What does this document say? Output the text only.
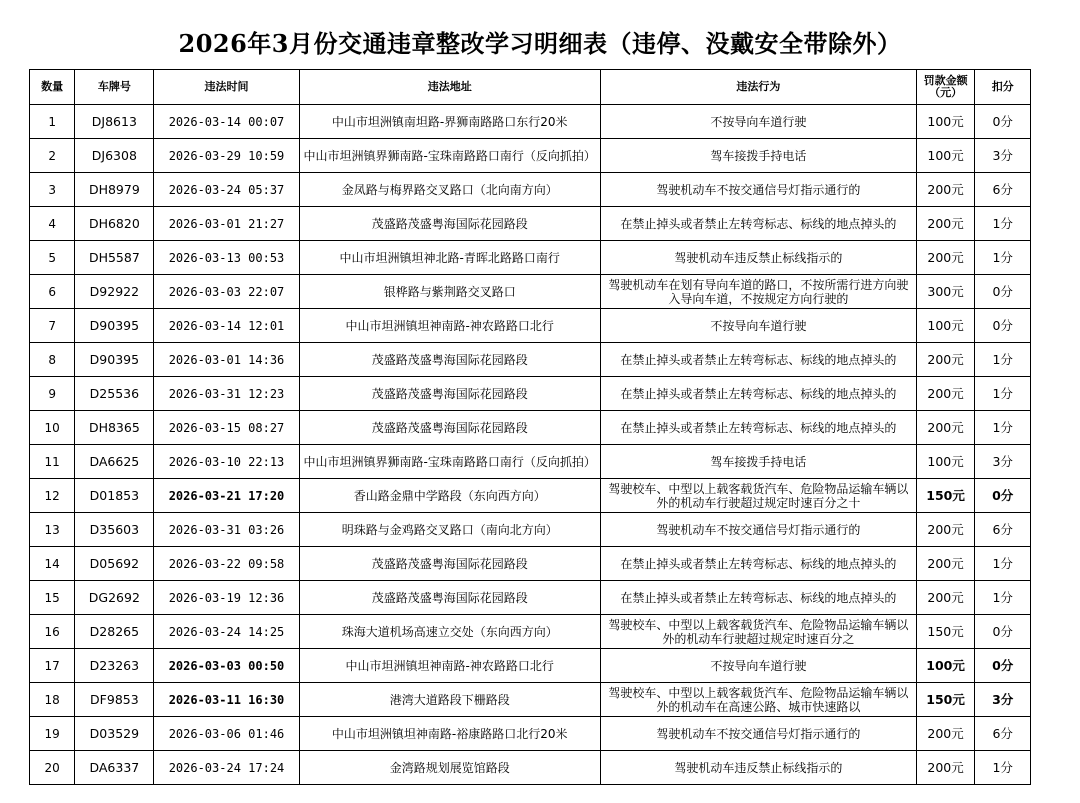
2026年3月份交通违章整改学习明细表（违停、没戴安全带除外）
数量	车牌号	违法时间	违法地址	违法行为	罚款金额（元）	扣分
1	DJ8613	2026-03-14 00:07	中山市坦洲镇南坦路-界狮南路路口东行20米	不按导向车道行驶	100元	0分
2	DJ6308	2026-03-29 10:59	中山市坦洲镇界狮南路-宝珠南路路口南行（反向抓拍）	驾车接拨手持电话	100元	3分
3	DH8979	2026-03-24 05:37	金凤路与梅界路交叉路口（北向南方向）	驾驶机动车不按交通信号灯指示通行的	200元	6分
4	DH6820	2026-03-01 21:27	茂盛路茂盛粤海国际花园路段	在禁止掉头或者禁止左转弯标志、标线的地点掉头的	200元	1分
5	DH5587	2026-03-13 00:53	中山市坦洲镇坦神北路-青晖北路路口南行	驾驶机动车违反禁止标线指示的	200元	1分
6	D92922	2026-03-03 22:07	银桦路与紫荆路交叉路口	驾驶机动车在划有导向车道的路口，不按所需行进方向驶入导向车道，不按规定方向行驶的	300元	0分
7	D90395	2026-03-14 12:01	中山市坦洲镇坦神南路-神农路路口北行	不按导向车道行驶	100元	0分
8	D90395	2026-03-01 14:36	茂盛路茂盛粤海国际花园路段	在禁止掉头或者禁止左转弯标志、标线的地点掉头的	200元	1分
9	D25536	2026-03-31 12:23	茂盛路茂盛粤海国际花园路段	在禁止掉头或者禁止左转弯标志、标线的地点掉头的	200元	1分
10	DH8365	2026-03-15 08:27	茂盛路茂盛粤海国际花园路段	在禁止掉头或者禁止左转弯标志、标线的地点掉头的	200元	1分
11	DA6625	2026-03-10 22:13	中山市坦洲镇界狮南路-宝珠南路路口南行（反向抓拍）	驾车接拨手持电话	100元	3分
12	D01853	2026-03-21 17:20	香山路金鼎中学路段（东向西方向）	驾驶校车、中型以上载客载货汽车、危险物品运输车辆以外的机动车行驶超过规定时速百分之十	150元	0分
13	D35603	2026-03-31 03:26	明珠路与金鸡路交叉路口（南向北方向）	驾驶机动车不按交通信号灯指示通行的	200元	6分
14	D05692	2026-03-22 09:58	茂盛路茂盛粤海国际花园路段	在禁止掉头或者禁止左转弯标志、标线的地点掉头的	200元	1分
15	DG2692	2026-03-19 12:36	茂盛路茂盛粤海国际花园路段	在禁止掉头或者禁止左转弯标志、标线的地点掉头的	200元	1分
16	D28265	2026-03-24 14:25	珠海大道机场高速立交处（东向西方向）	驾驶校车、中型以上载客载货汽车、危险物品运输车辆以外的机动车行驶超过规定时速百分之	150元	0分
17	D23263	2026-03-03 00:50	中山市坦洲镇坦神南路-神农路路口北行	不按导向车道行驶	100元	0分
18	DF9853	2026-03-11 16:30	港湾大道路段下栅路段	驾驶校车、中型以上载客载货汽车、危险物品运输车辆以外的机动车在高速公路、城市快速路以	150元	3分
19	D03529	2026-03-06 01:46	中山市坦洲镇坦神南路-裕康路路口北行20米	驾驶机动车不按交通信号灯指示通行的	200元	6分
20	DA6337	2026-03-24 17:24	金湾路规划展览馆路段	驾驶机动车违反禁止标线指示的	200元	1分
